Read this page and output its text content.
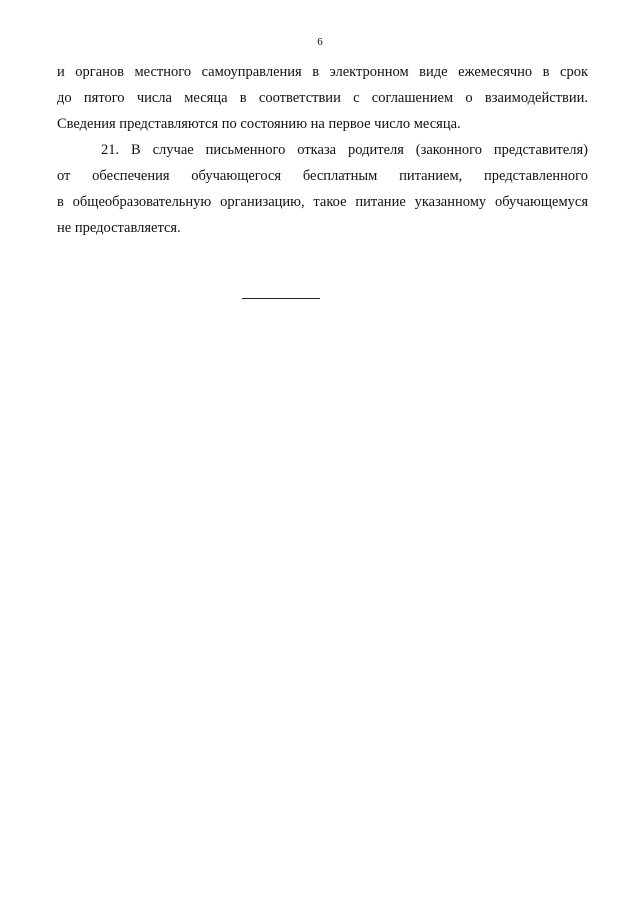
6
и органов местного самоуправления в электронном виде ежемесячно в срок
до пятого числа месяца в соответствии с соглашением о взаимодействии.
Сведения представляются по состоянию на первое число месяца.
21. В случае письменного отказа родителя (законного представителя)
от обеспечения обучающегося бесплатным питанием, представленного
в общеобразовательную организацию, такое питание указанному обучающемуся
не предоставляется.
